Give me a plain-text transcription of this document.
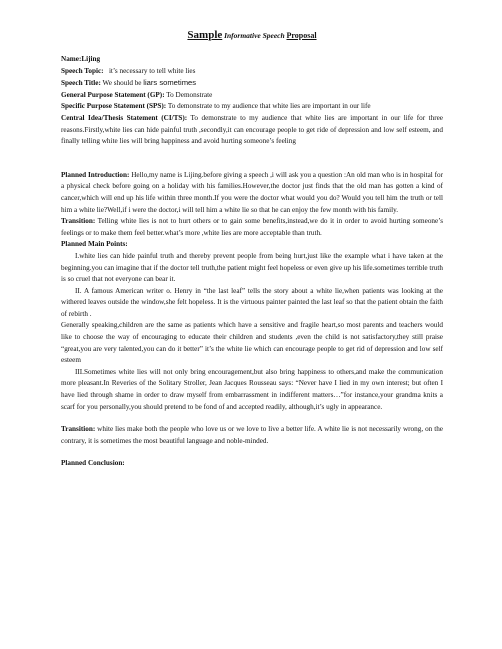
Sample Informative Speech Proposal

Name:Lijing

Speech Topic: it’s necessary to tell white lies

Speech Title: We should be liars sometimes

General Purpose Statement (GP): To Demonstrate

Specific Purpose Statement (SPS): To demonstrate to my audience that white lies are important in our life

Central Idea/Thesis Statement (CI/TS): To demonstrate to my audience that white lies are important in our life for three reasons.Firstly,white lies can hide painful truth ,secondly,it can encourage people to get ride of depression and low self esteem, and finally telling white lies will bring happiness and avoid hurting someone’s feeling

Planned Introduction: Hello,my name is Lijing.before giving a speech ,i will ask you a question :An old man who is in hospital for a physical check before going on a holiday with his families.However,the doctor just finds that the old man has gotten a kind of cancer,which will end up his life within three month.If you were the doctor what would you do? Would you tell him the truth or tell him a white lie?Well,if i were the doctor,i will tell him a white lie so that he can enjoy the few month with his family.

Transition: Telling white lies is not to hurt others or to gain some benefits,instead,we do it in order to avoid hurting someone’s feelings or to make them feel better.what’s more ,white lies are more acceptable than truth.

Planned Main Points:

I.white lies can hide painful truth and thereby prevent people from being hurt,just like the example what i have taken at the beginning.you can imagine that if the doctor tell truth,the patient might feel hopeless or even give up his life.sometimes terrible truth is so cruel that not everyone can bear it.

II. A famous American writer o. Henry in “the last leaf” tells the story about a white lie,when patients was looking at the withered leaves outside the window,she felt hopeless. It is the virtuous painter painted the last leaf so that the patient obtain the faith of rebirth .

Generally speaking,children are the same as patients which have a sensitive and fragile heart,so most parents and teachers would like to choose the way of encouraging to educate their children and students ,even the child is not satisfactory,they still praise “great,you are very talented,you can do it better” it’s the white lie which can encourage people to get rid of depression and low self esteem

III.Sometimes white lies will not only bring encouragement,but also bring happiness to others,and make the communication more pleasant.In Reveries of the Solitary Stroller, Jean Jacques Rousseau says: “Never have I lied in my own interest; but often I have lied through shame in order to draw myself from embarrassment in indifferent matters…”for instance,your grandma knits a scarf for you personally,you should pretend to be fond of and accepted readily, although,it’s ugly in appearance.

Transition: white lies make both the people who love us or we love to live a better life. A white lie is not necessarily wrong, on the contrary, it is sometimes the most beautiful language and noble-minded.

Planned Conclusion:
